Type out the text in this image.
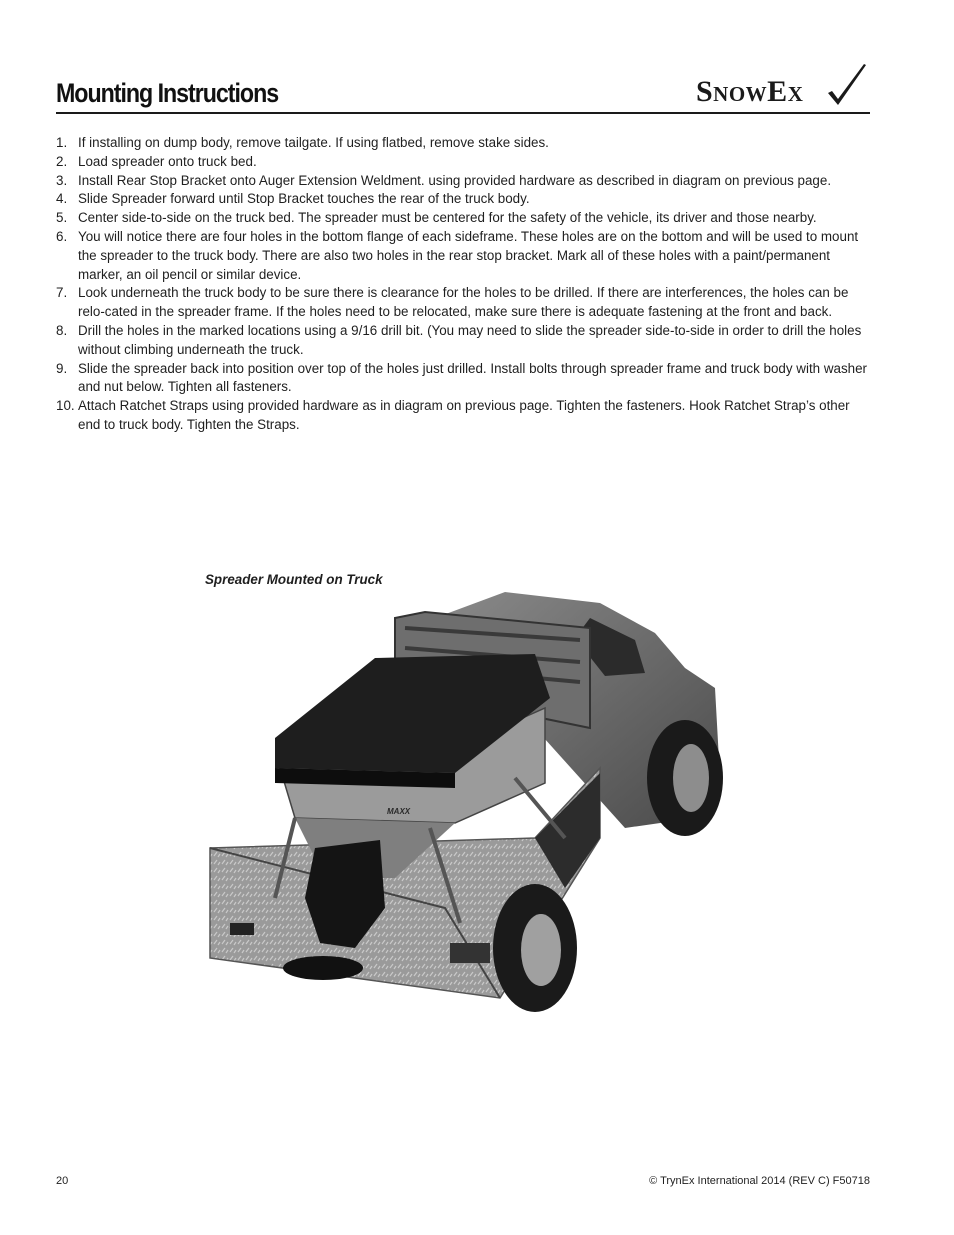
Mounting Instructions	SnowEx
1. If installing on dump body, remove tailgate. If using flatbed, remove stake sides.
2. Load spreader onto truck bed.
3. Install Rear Stop Bracket onto Auger Extension Weldment. using provided hardware as described in diagram on previous page.
4. Slide Spreader forward until Stop Bracket touches the rear of the truck body.
5. Center side-to-side on the truck bed. The spreader must be centered for the safety of the vehicle, its driver and those nearby.
6. You will notice there are four holes in the bottom flange of each sideframe. These holes are on the bottom and will be used to mount the spreader to the truck body. There are also two holes in the rear stop bracket. Mark all of these holes with a paint/permanent marker, an oil pencil or similar device.
7. Look underneath the truck body to be sure there is clearance for the holes to be drilled. If there are interferences, the holes can be relo-cated in the spreader frame. If the holes need to be relocated, make sure there is adequate fastening at the front and back.
8. Drill the holes in the marked locations using a 9/16 drill bit. (You may need to slide the spreader side-to-side in order to drill the holes without climbing underneath the truck.
9. Slide the spreader back into position over top of the holes just drilled. Install bolts through spreader frame and truck body with washer and nut below. Tighten all fasteners.
10. Attach Ratchet Straps using provided hardware as in diagram on previous page. Tighten the fasteners. Hook Ratchet Strap’s other end to truck body. Tighten the Straps.
Spreader Mounted on Truck
MAXX
20	© TrynEx International 2014 (REV C) F50718
